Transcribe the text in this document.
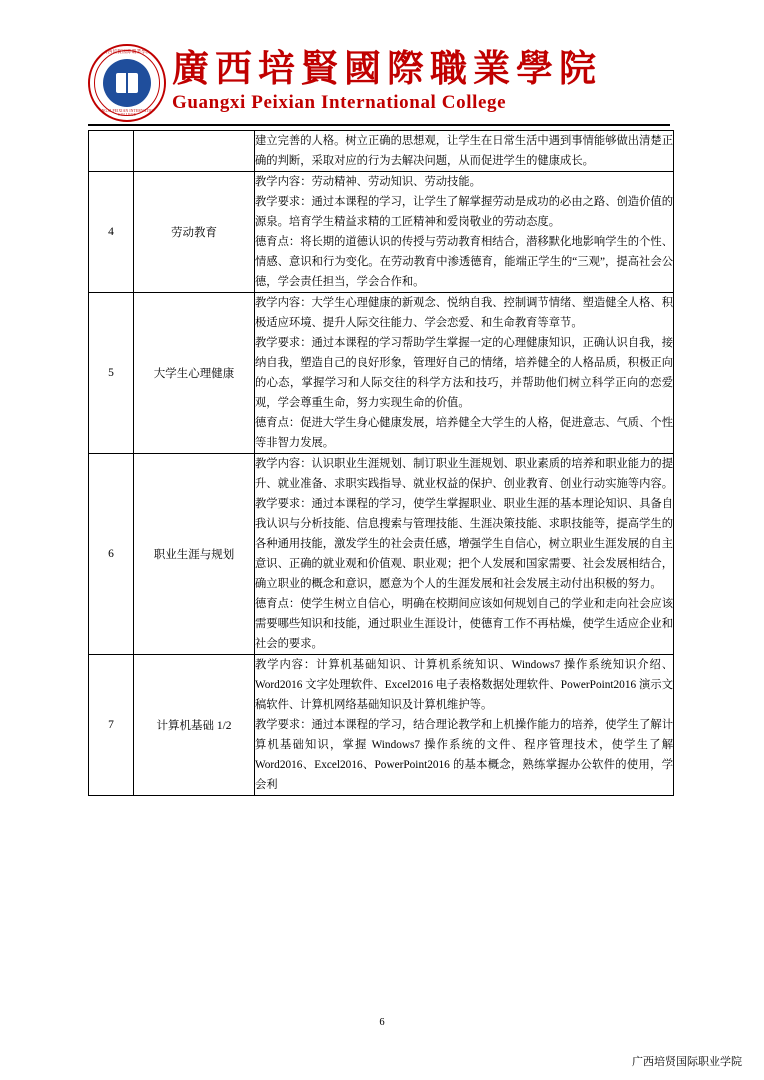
廣西培賢國際職業學院
GUANGXI PEIXIAN INTERNATIONAL COLLEGE
廣西培賢國際職業學院
Guangxi Peixian International College

		建立完善的人格。树立正确的思想观，让学生在日常生活中遇到事情能够做出清楚正确的判断，采取对应的行为去解决问题，从而促进学生的健康成长。

4	劳动教育	教学内容：劳动精神、劳动知识、劳动技能。

教学要求：通过本课程的学习，让学生了解掌握劳动是成功的必由之路、创造价值的源泉。培育学生精益求精的工匠精神和爱岗敬业的劳动态度。

德育点：将长期的道德认识的传授与劳动教育相结合，潜移默化地影响学生的个性、情感、意识和行为变化。在劳动教育中渗透德育，能端正学生的“三观”，提高社会公德，学会责任担当，学会合作和。

5	大学生心理健康	教学内容：大学生心理健康的新观念、悦纳自我、控制调节情绪、塑造健全人格、积极适应环境、提升人际交往能力、学会恋爱、和生命教育等章节。

教学要求：通过本课程的学习帮助学生掌握一定的心理健康知识，正确认识自我，接纳自我，塑造自己的良好形象，管理好自己的情绪，培养健全的人格品质，积极正向的心态，掌握学习和人际交往的科学方法和技巧，并帮助他们树立科学正向的恋爱观，学会尊重生命，努力实现生命的价值。

德育点：促进大学生身心健康发展，培养健全大学生的人格，促进意志、气质、个性等非智力发展。

6	职业生涯与规划	教学内容：认识职业生涯规划、制订职业生涯规划、职业素质的培养和职业能力的提升、就业准备、求职实践指导、就业权益的保护、创业教育、创业行动实施等内容。

教学要求：通过本课程的学习，使学生掌握职业、职业生涯的基本理论知识、具备自我认识与分析技能、信息搜索与管理技能、生涯决策技能、求职技能等，提高学生的各种通用技能，激发学生的社会责任感，增强学生自信心，树立职业生涯发展的自主意识、正确的就业观和价值观、职业观；把个人发展和国家需要、社会发展相结合，确立职业的概念和意识，愿意为个人的生涯发展和社会发展主动付出积极的努力。

德育点：使学生树立自信心，明确在校期间应该如何规划自己的学业和走向社会应该需要哪些知识和技能，通过职业生涯设计，使德育工作不再枯燥，使学生适应企业和社会的要求。

7	计算机基础 1/2	教学内容：计算机基础知识、计算机系统知识、Windows7 操作系统知识介绍、Word2016 文字处理软件、Excel2016 电子表格数据处理软件、PowerPoint2016 演示文稿软件、计算机网络基础知识及计算机维护等。

教学要求：通过本课程的学习，结合理论教学和上机操作能力的培养，使学生了解计算机基础知识，掌握 Windows7 操作系统的文件、程序管理技术，使学生了解 Word2016、Excel2016、PowerPoint2016 的基本概念，熟练掌握办公软件的使用，学会利

6
广西培贤国际职业学院
